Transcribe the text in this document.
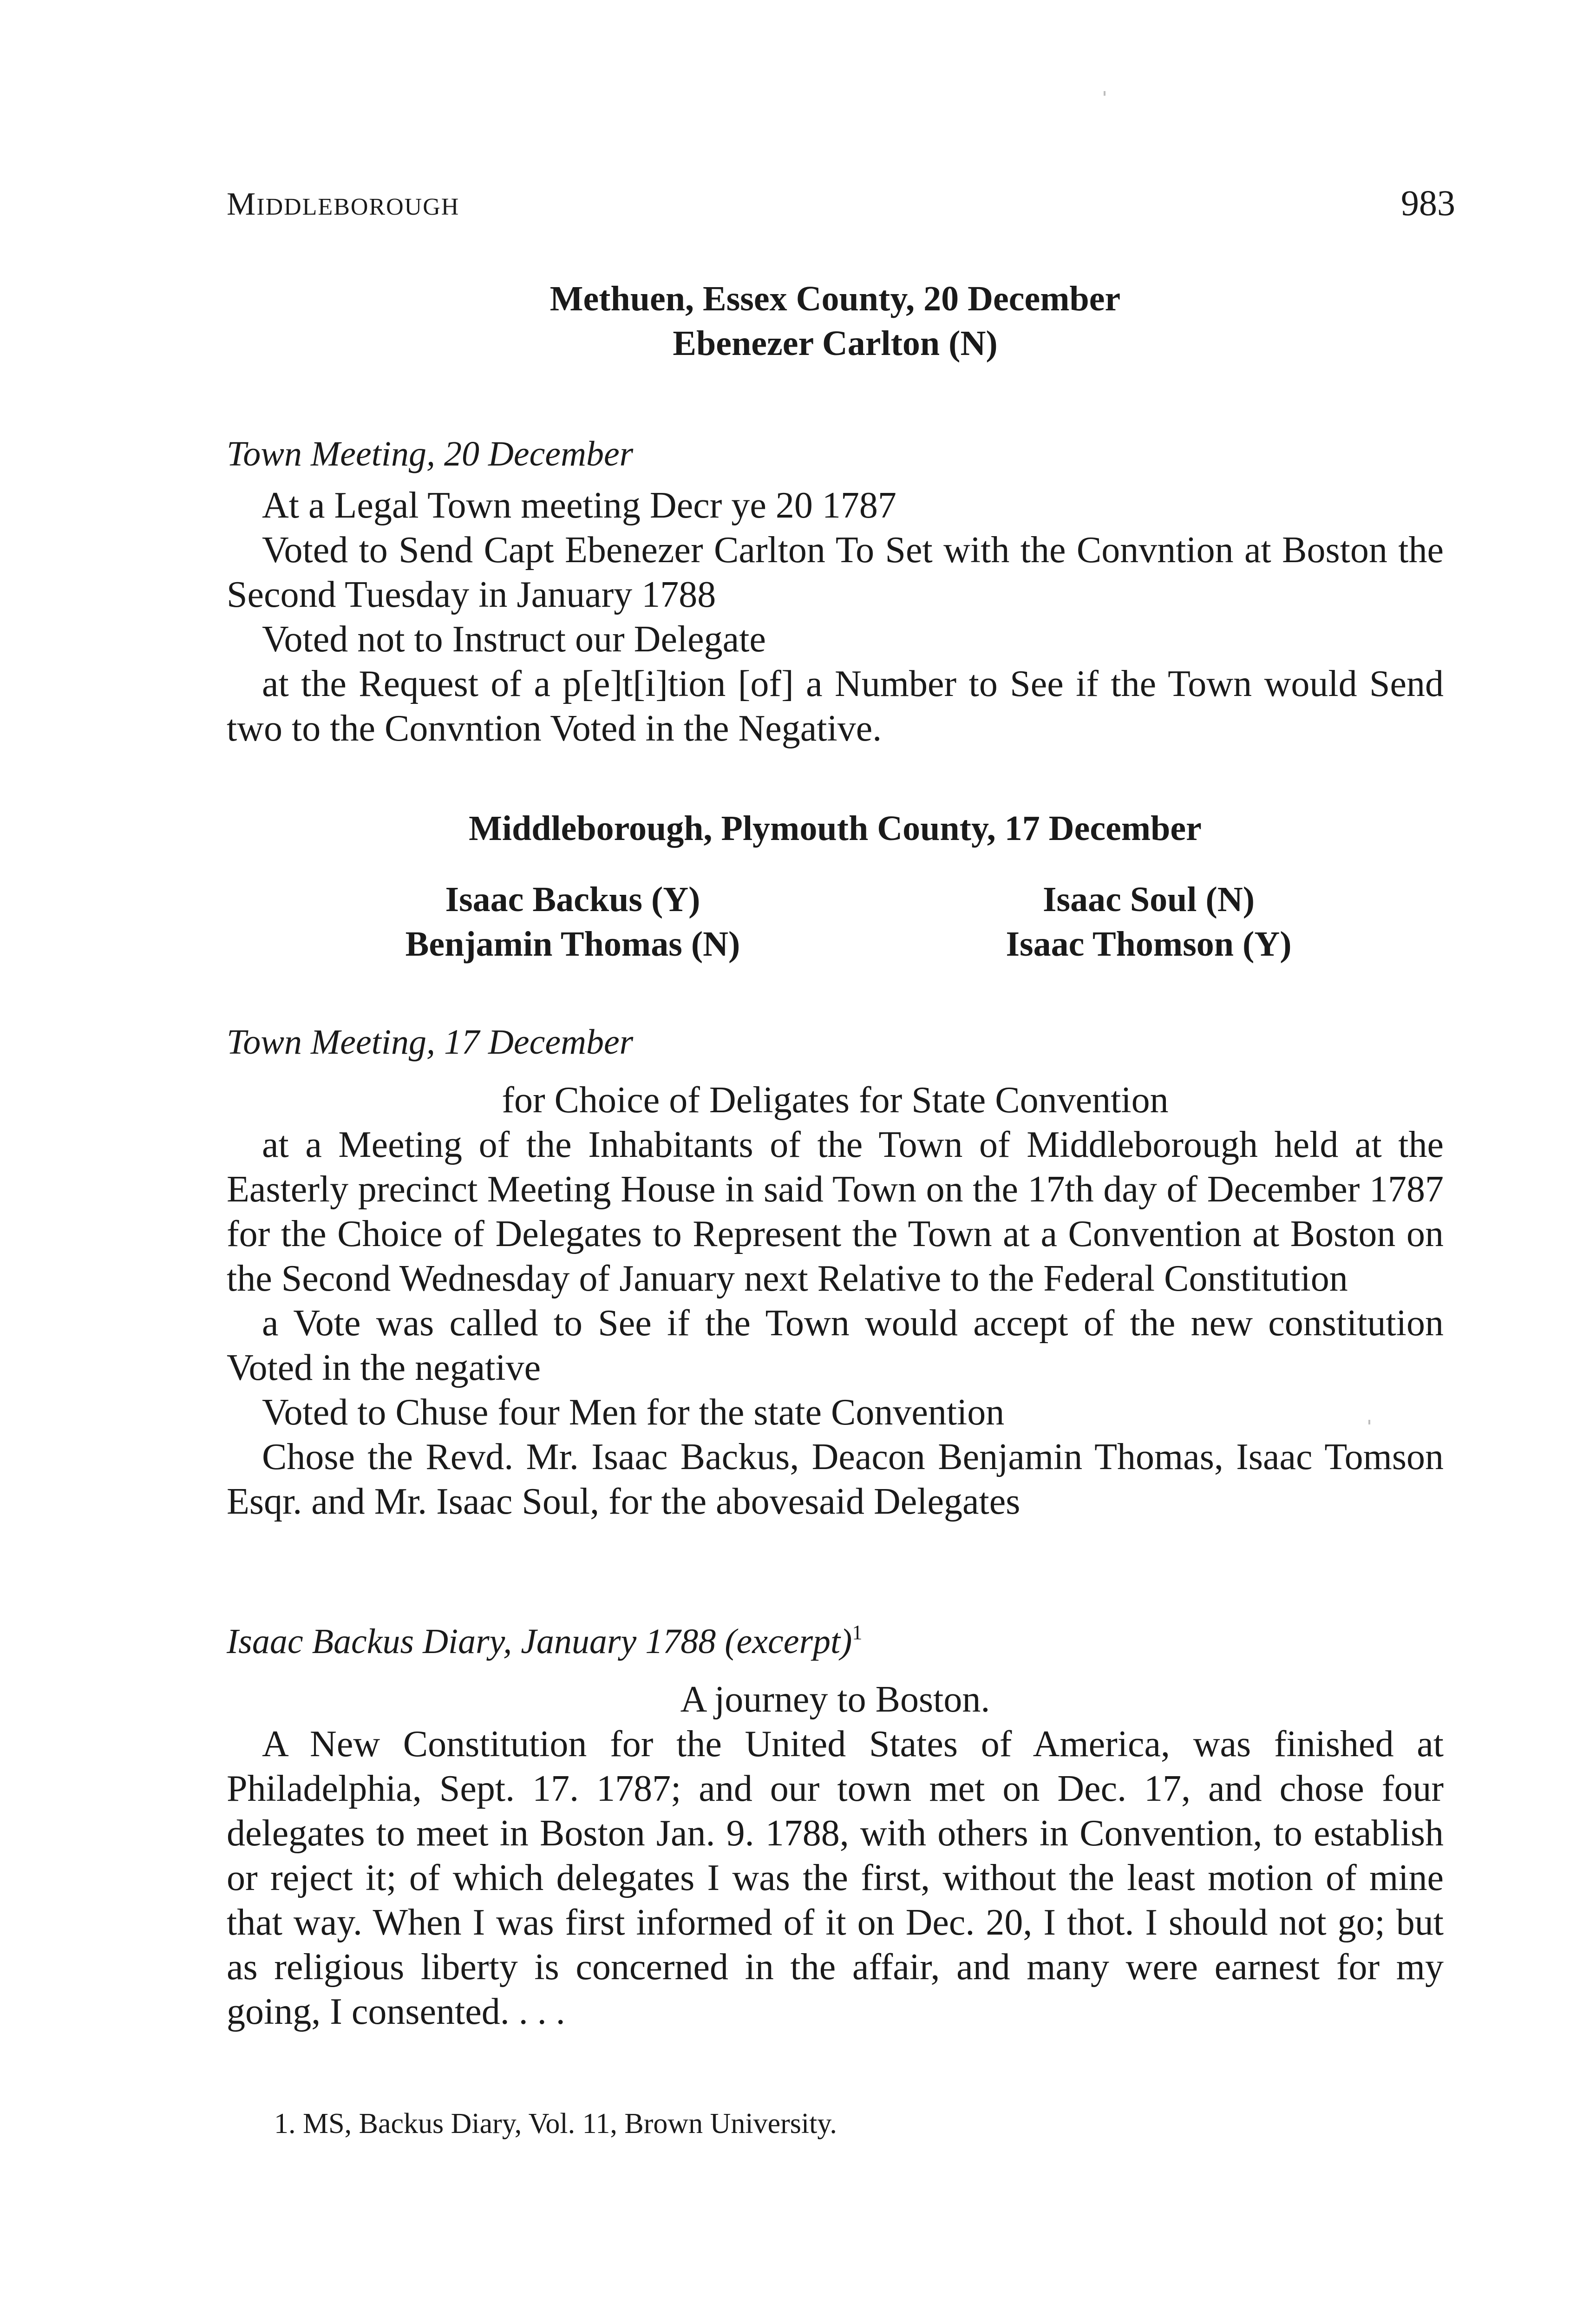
MIDDLEBOROUGH	983
Methuen, Essex County, 20 December
Ebenezer Carlton (N)
Town Meeting, 20 December

At a Legal Town meeting Decr ye 20 1787

Voted to Send Capt Ebenezer Carlton To Set with the Convntion at Boston the Second Tuesday in January 1788

Voted not to Instruct our Delegate

at the Request of a p[e]t[i]tion [of] a Number to See if the Town would Send two to the Convntion Voted in the Negative.

Middleborough, Plymouth County, 17 December
Isaac Backus (Y)
Benjamin Thomas (N)
Isaac Soul (N)
Isaac Thomson (Y)
Town Meeting, 17 December

for Choice of Deligates for State Convention

at a Meeting of the Inhabitants of the Town of Middleborough held at the Easterly precinct Meeting House in said Town on the 17th day of December 1787 for the Choice of Delegates to Represent the Town at a Convention at Boston on the Second Wednesday of January next Relative to the Federal Constitution

a Vote was called to See if the Town would accept of the new constitution Voted in the negative

Voted to Chuse four Men for the state Convention

Chose the Revd. Mr. Isaac Backus, Deacon Benjamin Thomas, Isaac Tomson Esqr. and Mr. Isaac Soul, for the abovesaid Delegates

Isaac Backus Diary, January 1788 (excerpt)$^1$

A journey to Boston.

A New Constitution for the United States of America, was finished at Philadelphia, Sept. 17. 1787; and our town met on Dec. 17, and chose four delegates to meet in Boston Jan. 9. 1788, with others in Convention, to establish or reject it; of which delegates I was the first, without the least motion of mine that way. When I was first informed of it on Dec. 20, I thot. I should not go; but as religious liberty is concerned in the affair, and many were earnest for my going, I consented. . . .

1. MS, Backus Diary, Vol. 11, Brown University.
